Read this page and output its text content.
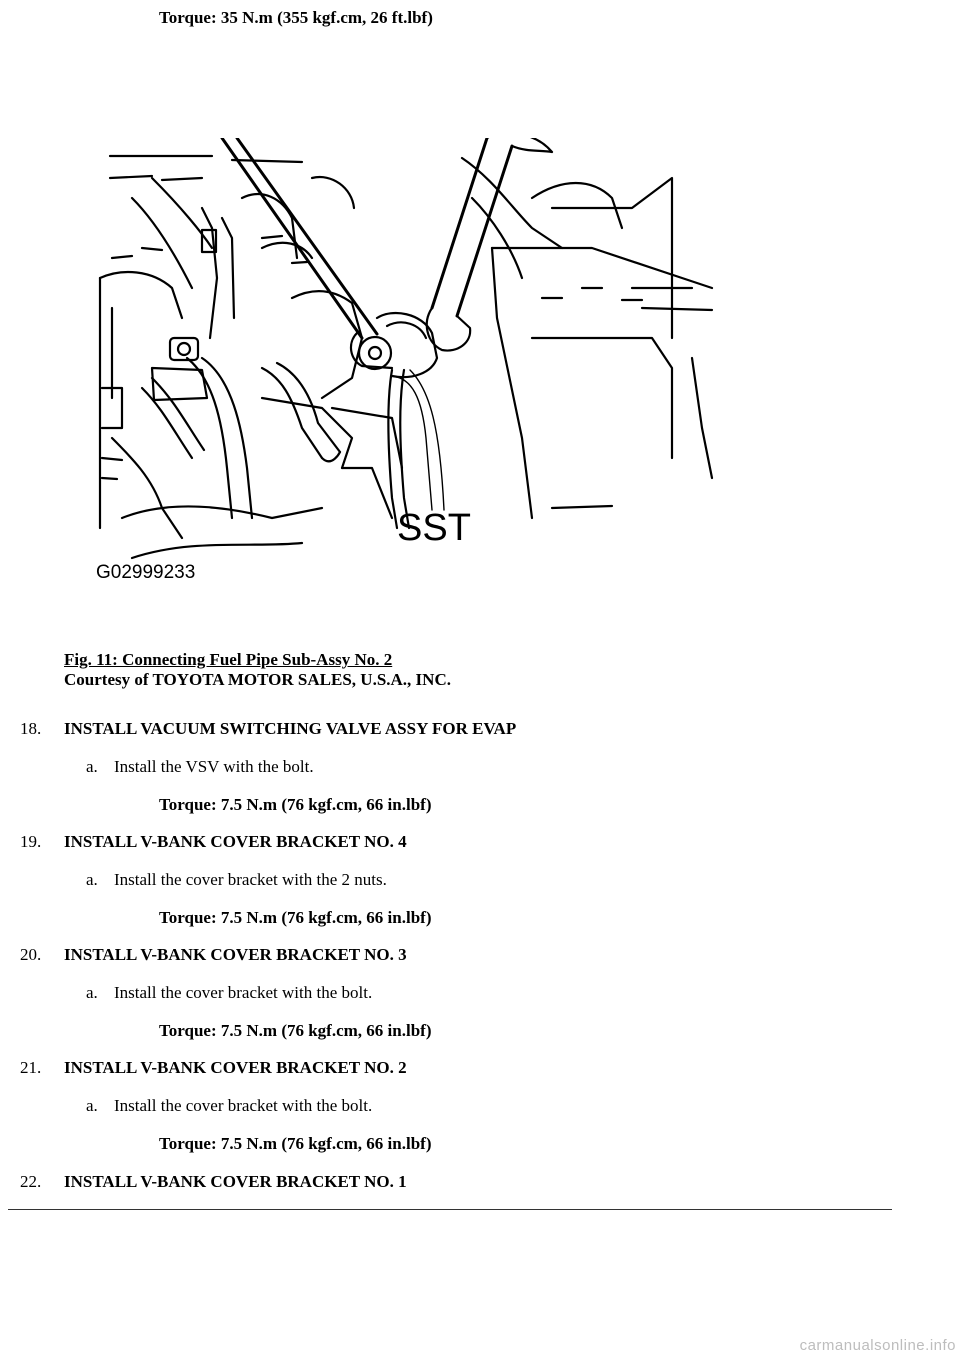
Torque: 35 N.m (355 kgf.cm, 26 ft.lbf)
SST
G02999233
Fig. 11: Connecting Fuel Pipe Sub-Assy No. 2
Courtesy of TOYOTA MOTOR SALES, U.S.A., INC.
18. INSTALL VACUUM SWITCHING VALVE ASSY FOR EVAP
a. Install the VSV with the bolt.
Torque: 7.5 N.m (76 kgf.cm, 66 in.lbf)
19. INSTALL V-BANK COVER BRACKET NO. 4
a. Install the cover bracket with the 2 nuts.
Torque: 7.5 N.m (76 kgf.cm, 66 in.lbf)
20. INSTALL V-BANK COVER BRACKET NO. 3
a. Install the cover bracket with the bolt.
Torque: 7.5 N.m (76 kgf.cm, 66 in.lbf)
21. INSTALL V-BANK COVER BRACKET NO. 2
a. Install the cover bracket with the bolt.
Torque: 7.5 N.m (76 kgf.cm, 66 in.lbf)
22. INSTALL V-BANK COVER BRACKET NO. 1
carmanualsonline.info
